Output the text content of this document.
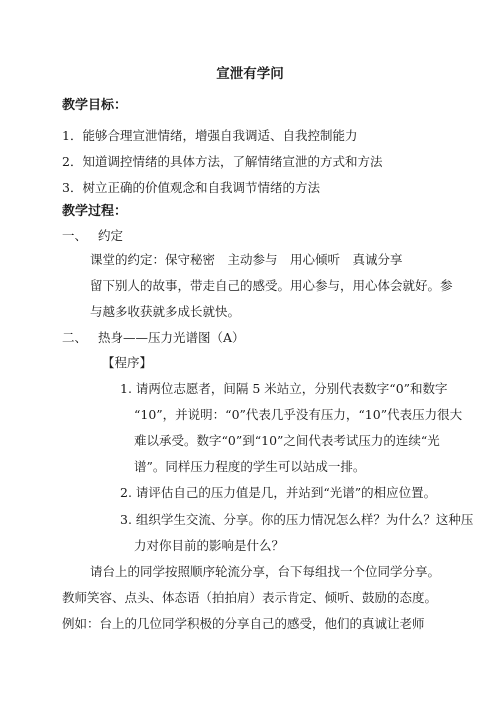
宣泄有学问
教学目标：
1．能够合理宣泄情绪，增强自我调适、自我控制能力
2．知道调控情绪的具体方法，了解情绪宣泄的方式和方法
3．树立正确的价值观念和自我调节情绪的方法
教学过程：
一、 约定
课堂的约定：保守秘密　主动参与　用心倾听　真诚分享
留下别人的故事，带走自己的感受。用心参与，用心体会就好。参
与越多收获就多成长就快。
二、 热身——压力光谱图（A）
【程序】
1. 请两位志愿者，间隔 5 米站立，分别代表数字“0”和数字
“10”，并说明：“0”代表几乎没有压力，“10”代表压力很大
难以承受。数字“0”到“10”之间代表考试压力的连续“光
谱”。同样压力程度的学生可以站成一排。
2. 请评估自己的压力值是几，并站到“光谱”的相应位置。
3. 组织学生交流、分享。你的压力情况怎么样？为什么？这种压
力对你目前的影响是什么？
请台上的同学按照顺序轮流分享，台下每组找一个位同学分享。
教师笑容、点头、体态语（拍拍肩）表示肯定、倾听、鼓励的态度。
例如：台上的几位同学积极的分享自己的感受，他们的真诚让老师
